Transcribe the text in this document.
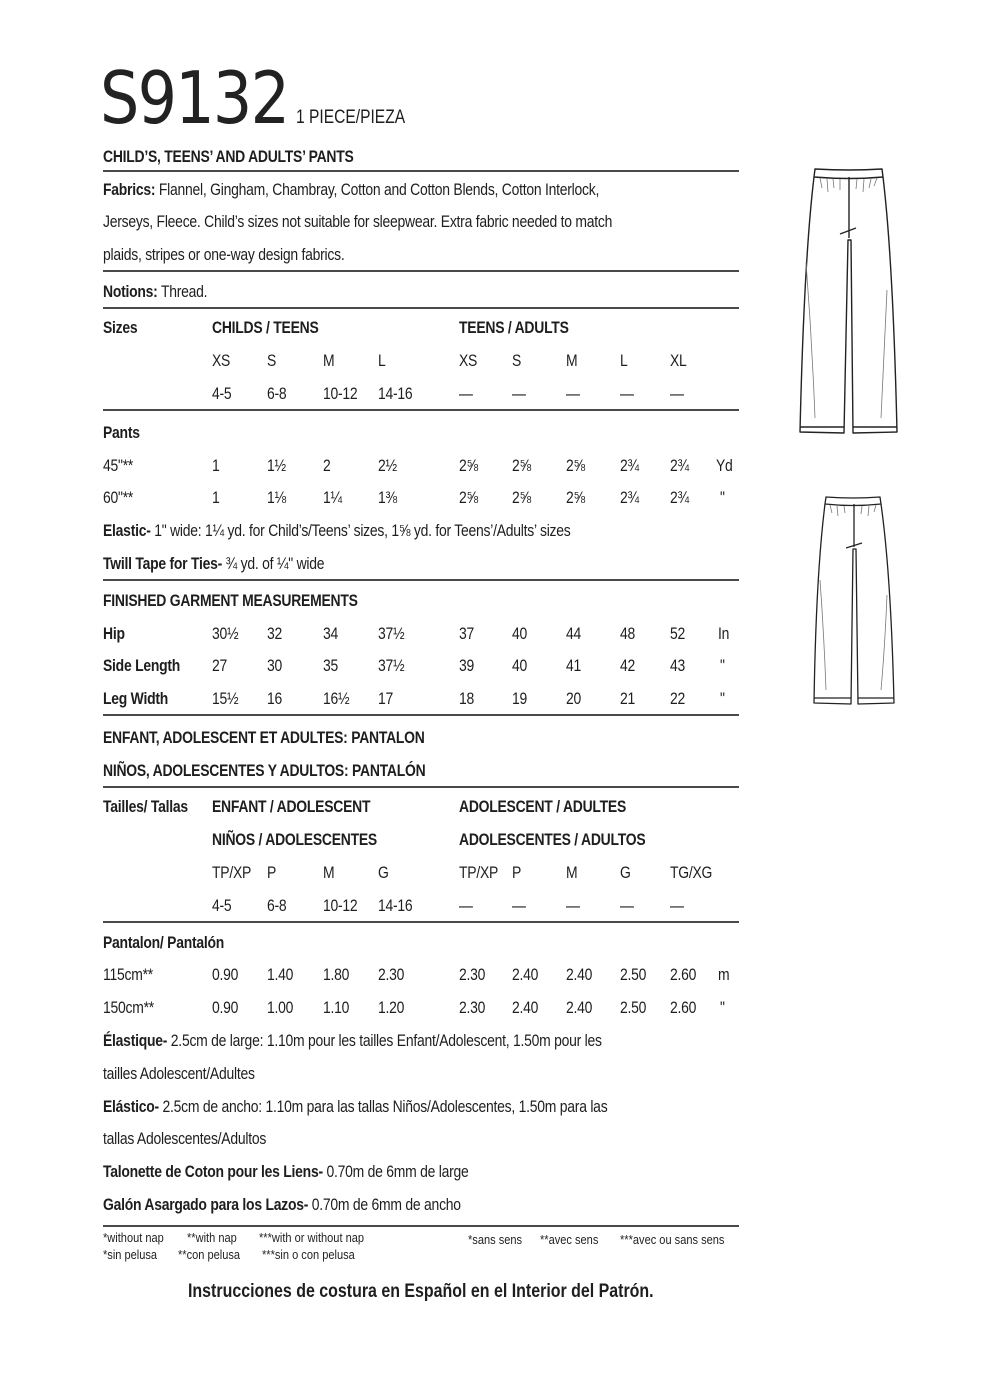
S9132 1 PIECE/PIEZA
CHILD’S, TEENS’ AND ADULTS’ PANTS
Fabrics: Flannel, Gingham, Chambray, Cotton and Cotton Blends, Cotton Interlock,
Jerseys, Fleece. Child’s sizes not suitable for sleepwear. Extra fabric needed to match
plaids, stripes or one-way design fabrics.
Notions: Thread.
Sizes	CHILDS / TEENS	TEENS / ADULTS
XS S	M	L	XS S	M	L XL
4-5 6-8 10-12 14-16	— — — — —
Pants
45"**	1	1½ 2	2½	2⅝ 2⅝ 2⅝ 2¾ 2¾ Yd
60"**	1	1⅛ 1¼ 1⅜	2⅝ 2⅝ 2⅝ 2¾ 2¾ "
Elastic- 1" wide: 1¼ yd. for Child’s/Teens’ sizes, 1⅝ yd. for Teens’/Adults’ sizes
Twill Tape for Ties- ¾ yd. of ¼" wide
FINISHED GARMENT MEASUREMENTS
Hip	30½ 32 34 37½	37 40 44 48 52 In
Side Length 27 30 35 37½	39 40 41 42 43 "
Leg Width	15½ 16 16½ 17	18 19 20 21 22 "
ENFANT, ADOLESCENT ET ADULTES: PANTALON
NIÑOS, ADOLESCENTES Y ADULTOS: PANTALÓN
Tailles/ Tallas ENFANT / ADOLESCENT	ADOLESCENT / ADULTES
NIÑOS / ADOLESCENTES	ADOLESCENTES / ADULTOS
TP/XP P	M	G	TP/XP P	M	G TG/XG
4-5 6-8 10-12 14-16	— — — — —
Pantalon/ Pantalón
115cm**	0.90 1.40 1.80 2.30	2.30 2.40 2.40 2.50 2.60 m
150cm**	0.90 1.00 1.10 1.20	2.30 2.40 2.40 2.50 2.60 "
Élastique- 2.5cm de large: 1.10m pour les tailles Enfant/Adolescent, 1.50m pour les
tailles Adolescent/Adultes
Elástico- 2.5cm de ancho: 1.10m para las tallas Niños/Adolescentes, 1.50m para las
tallas Adolescentes/Adultos
Talonette de Coton pour les Liens- 0.70m de 6mm de large
Galón Asargado para los Lazos- 0.70m de 6mm de ancho
*without nap **with nap ***with or without nap
*sin pelusa **con pelusa ***sin o con pelusa
*sans sens **avec sens ***avec ou sans sens
Instrucciones de costura en Español en el Interior del Patrón.
